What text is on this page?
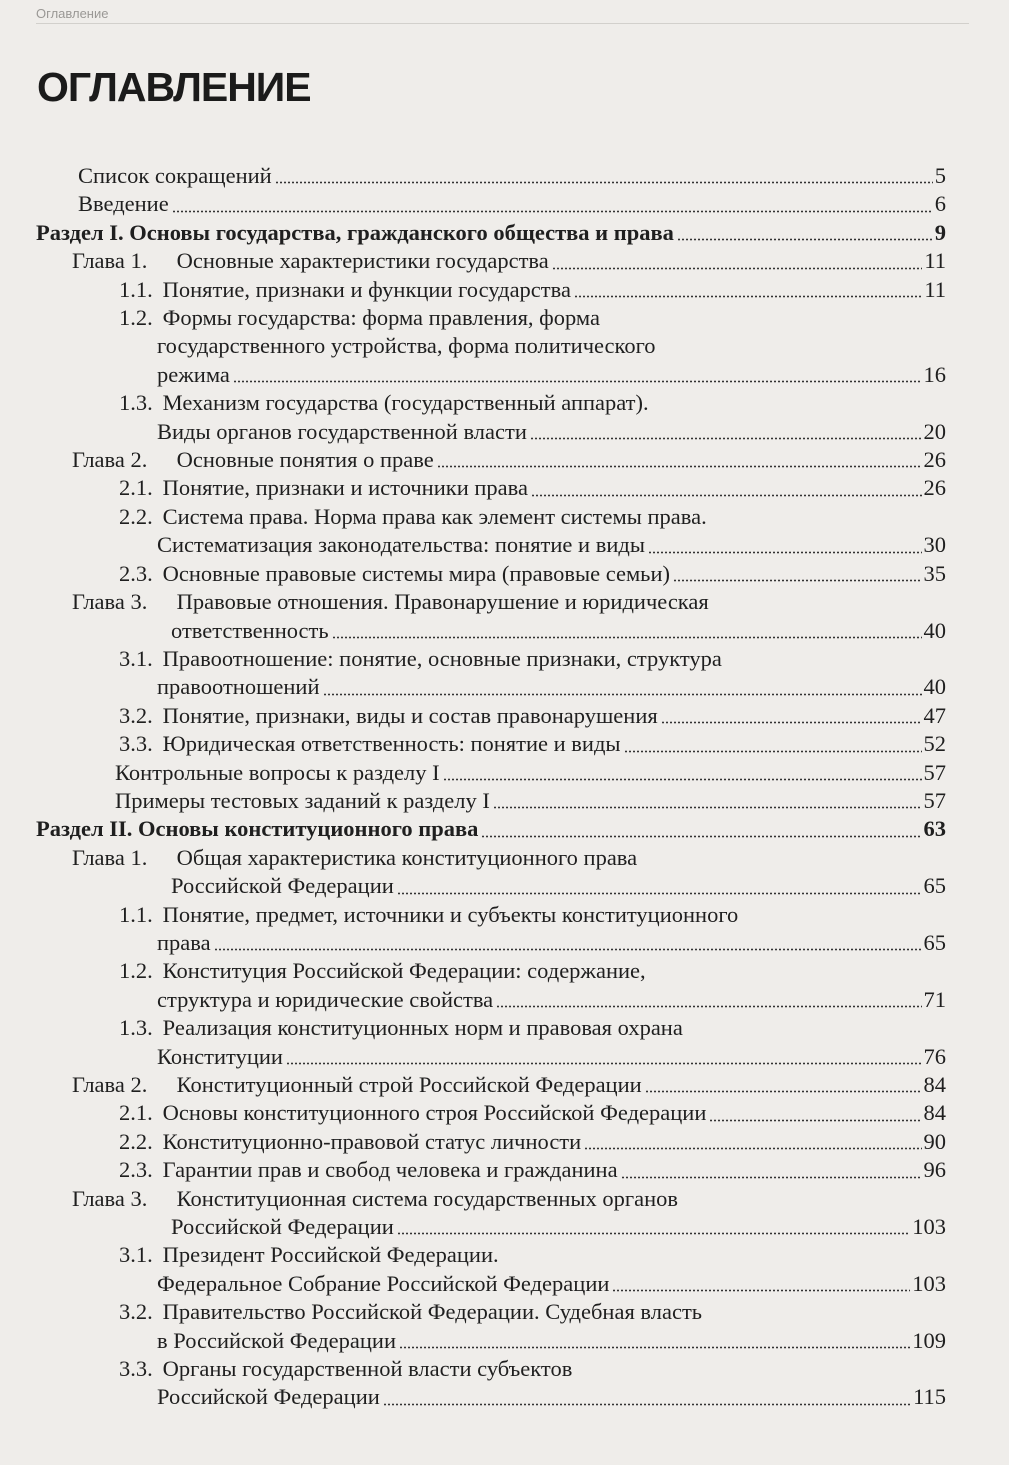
Оглавление
ОГЛАВЛЕНИЕ
Список сокращений	5
Введение	6
Раздел I. Основы государства, гражданского общества и права	9
Глава 1. Основные характеристики государства	11
1.1. Понятие, признаки и функции государства	11
1.2. Формы государства: форма правления, форма
государственного устройства, форма политического
режима	16
1.3. Механизм государства (государственный аппарат).
Виды органов государственной власти	20
Глава 2. Основные понятия о праве	26
2.1. Понятие, признаки и источники права	26
2.2. Система права. Норма права как элемент системы права.
Систематизация законодательства: понятие и виды	30
2.3. Основные правовые системы мира (правовые семьи)	35
Глава 3. Правовые отношения. Правонарушение и юридическая
ответственность	40
3.1. Правоотношение: понятие, основные признаки, структура
правоотношений	40
3.2. Понятие, признаки, виды и состав правонарушения	47
3.3. Юридическая ответственность: понятие и виды	52
Контрольные вопросы к разделу I	57
Примеры тестовых заданий к разделу I	57
Раздел II. Основы конституционного права	63
Глава 1. Общая характеристика конституционного права
Российской Федерации	65
1.1. Понятие, предмет, источники и субъекты конституционного
права	65
1.2. Конституция Российской Федерации: содержание,
структура и юридические свойства	71
1.3. Реализация конституционных норм и правовая охрана
Конституции	76
Глава 2. Конституционный строй Российской Федерации	84
2.1. Основы конституционного строя Российской Федерации	84
2.2. Конституционно-правовой статус личности	90
2.3. Гарантии прав и свобод человека и гражданина	96
Глава 3. Конституционная система государственных органов
Российской Федерации	103
3.1. Президент Российской Федерации.
Федеральное Собрание Российской Федерации	103
3.2. Правительство Российской Федерации. Судебная власть
в Российской Федерации	109
3.3. Органы государственной власти субъектов
Российской Федерации	115
